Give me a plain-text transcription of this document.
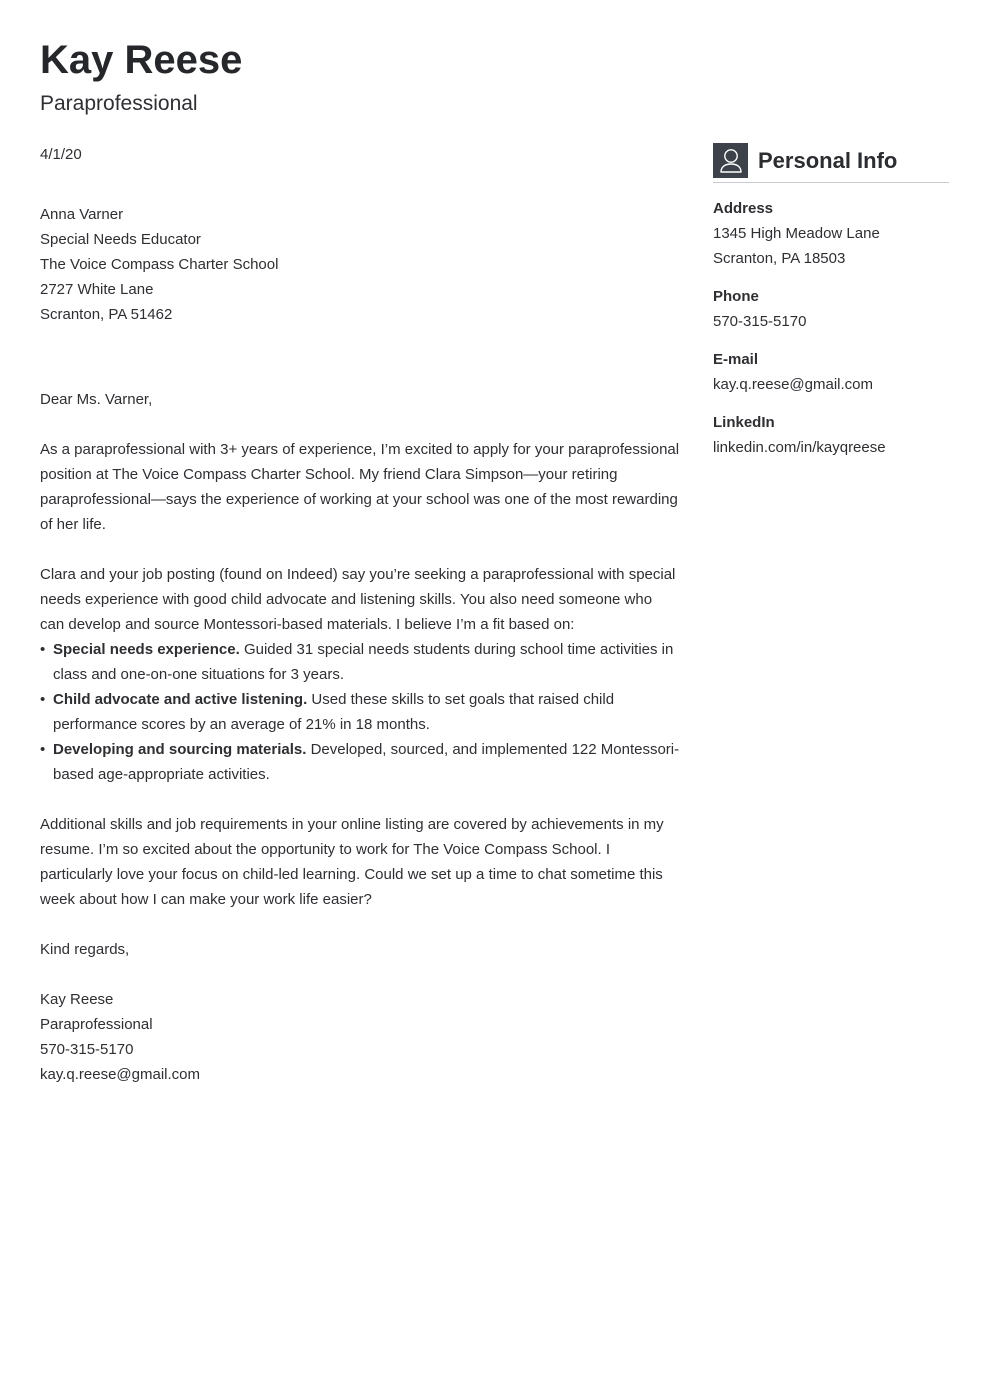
Kay Reese
Paraprofessional

4/1/20

Anna Varner

Special Needs Educator

The Voice Compass Charter School

2727 White Lane

Scranton, PA 51462

Dear Ms. Varner,

As a paraprofessional with 3+ years of experience, I’m excited to apply for your paraprofessional position at The Voice Compass Charter School. My friend Clara Simpson—your retiring paraprofessional—says the experience of working at your school was one of the most rewarding of her life.

Clara and your job posting (found on Indeed) say you’re seeking a paraprofessional with special needs experience with good child advocate and listening skills. You also need someone who can develop and source Montessori-based materials. I believe I’m a fit based on:

• Special needs experience. Guided 31 special needs students during school time activities in class and one-on-one situations for 3 years.
• Child advocate and active listening. Used these skills to set goals that raised child performance scores by an average of 21% in 18 months.
• Developing and sourcing materials. Developed, sourced, and implemented 122 Montessori-based age-appropriate activities.

Additional skills and job requirements in your online listing are covered by achievements in my resume. I’m so excited about the opportunity to work for The Voice Compass School. I particularly love your focus on child-led learning. Could we set up a time to chat sometime this week about how I can make your work life easier?

Kind regards,

Kay Reese

Paraprofessional

570-315-5170

kay.q.reese@gmail.com

Personal Info
Address
1345 High Meadow Lane
Scranton, PA 18503
Phone
570-315-5170
E-mail
kay.q.reese@gmail.com
LinkedIn
linkedin.com/in/kayqreese
